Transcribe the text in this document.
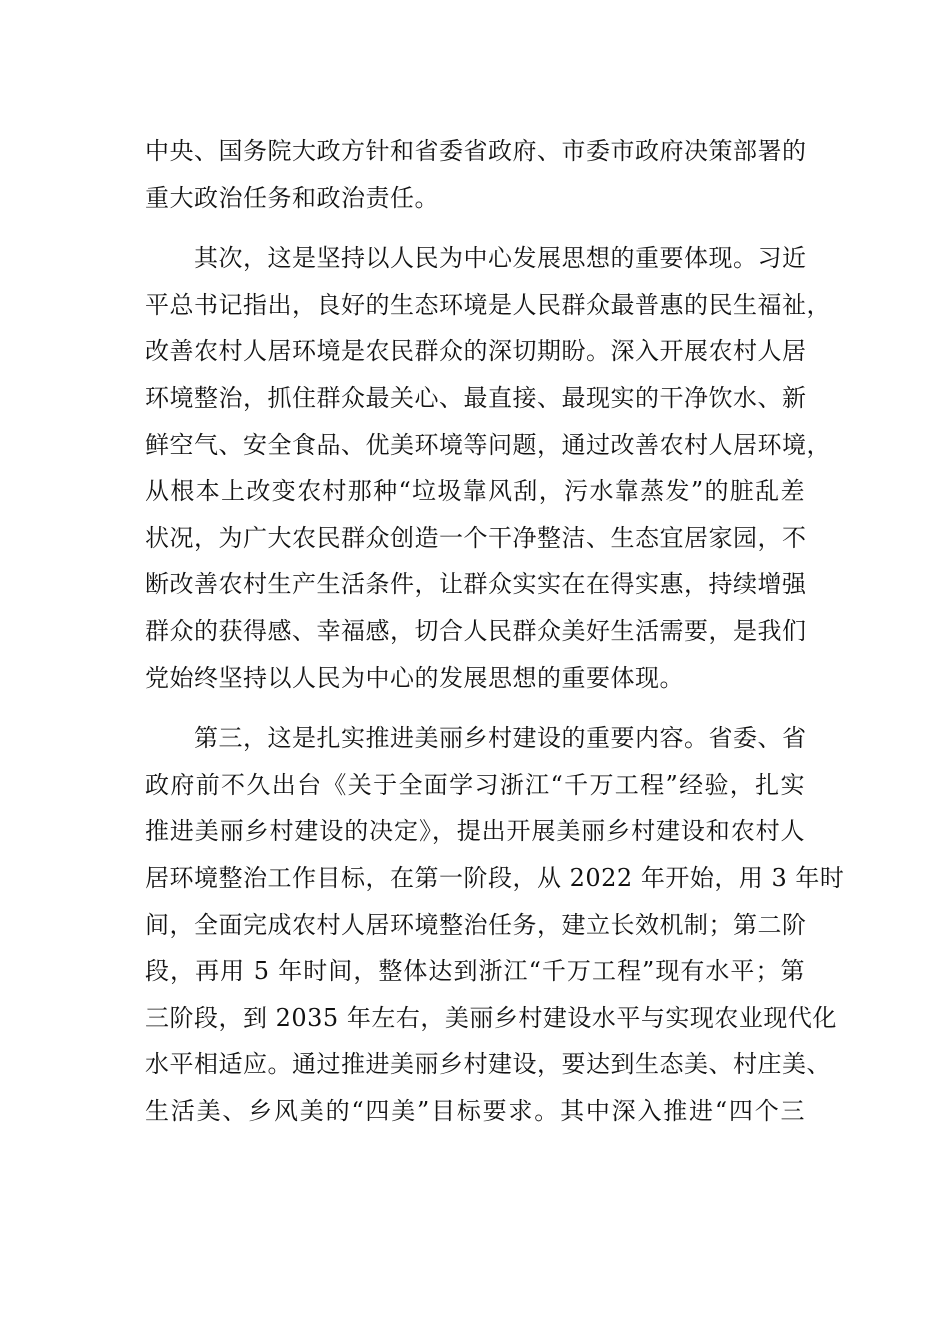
中央、国务院大政方针和省委省政府、市委市政府决策部署的
重大政治任务和政治责任。
　　其次，这是坚持以人民为中心发展思想的重要体现。习近
平总书记指出，良好的生态环境是人民群众最普惠的民生福祉，
改善农村人居环境是农民群众的深切期盼。深入开展农村人居
环境整治，抓住群众最关心、最直接、最现实的干净饮水、新
鲜空气、安全食品、优美环境等问题，通过改善农村人居环境，
从根本上改变农村那种“垃圾靠风刮，污水靠蒸发”的脏乱差
状况，为广大农民群众创造一个干净整洁、生态宜居家园，不
断改善农村生产生活条件，让群众实实在在得实惠，持续增强
群众的获得感、幸福感，切合人民群众美好生活需要，是我们
党始终坚持以人民为中心的发展思想的重要体现。
　　第三，这是扎实推进美丽乡村建设的重要内容。省委、省
政府前不久出台《关于全面学习浙江“千万工程”经验，扎实
推进美丽乡村建设的决定》，提出开展美丽乡村建设和农村人
居环境整治工作目标，在第一阶段，从 2022 年开始，用 3 年时
间，全面完成农村人居环境整治任务，建立长效机制；第二阶
段，再用 5 年时间，整体达到浙江“千万工程”现有水平；第
三阶段，到 2035 年左右，美丽乡村建设水平与实现农业现代化
水平相适应。通过推进美丽乡村建设，要达到生态美、村庄美、
生活美、乡风美的“四美”目标要求。其中深入推进“四个三
